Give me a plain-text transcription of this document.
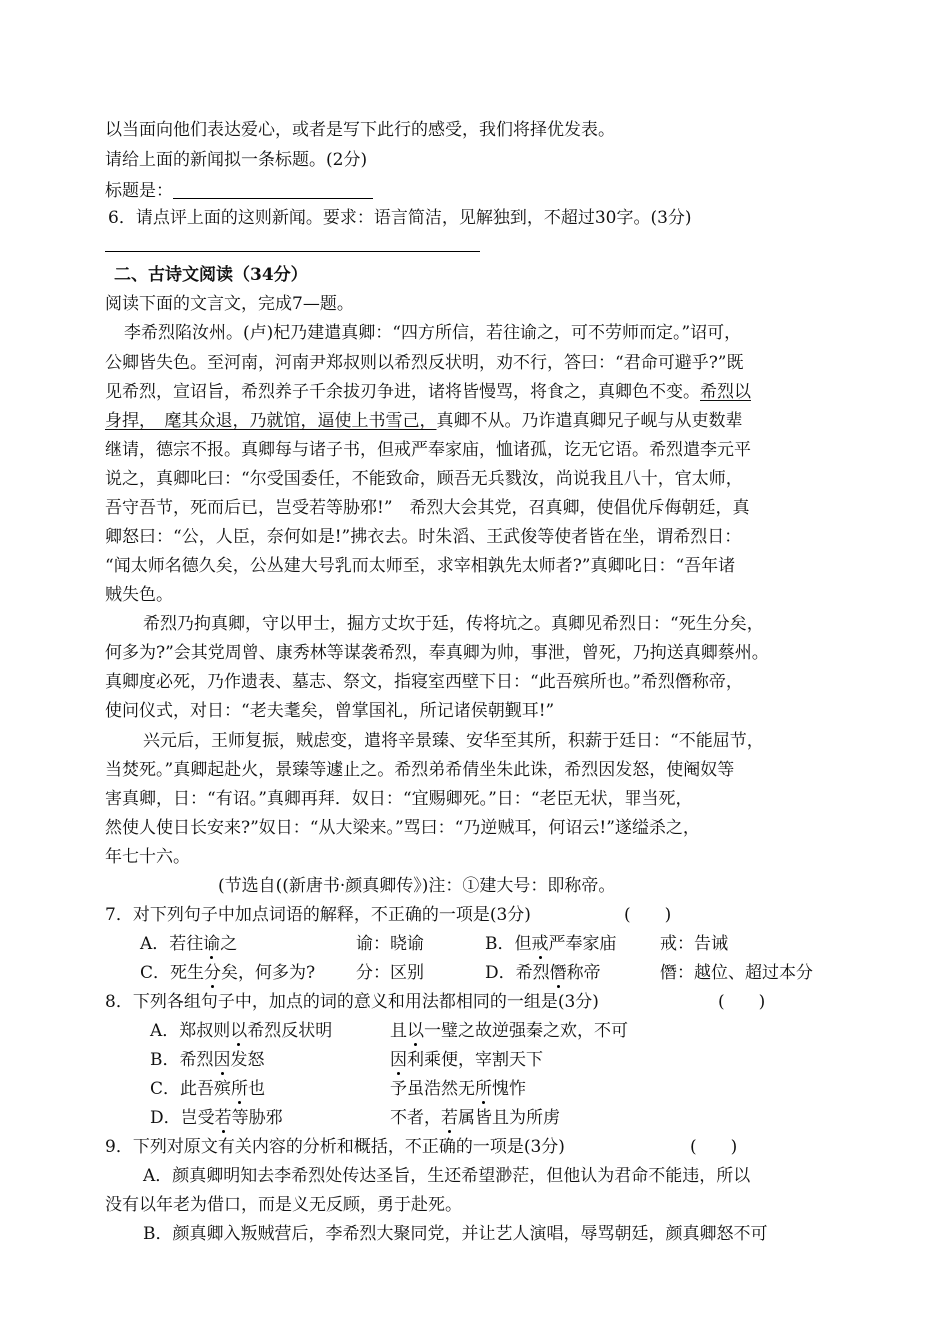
以当面向他们表达爱心，或者是写下此行的感受，我们将择优发表。
请给上面的新闻拟一条标题。(2分)
标题是：
6．请点评上面的这则新闻。要求：语言简洁，见解独到，不超过30字。(3分)
二、古诗文阅读（34分）
阅读下面的文言文，完成7—题。
李希烈陷汝州。(卢)杞乃建遣真卿：“四方所信，若往谕之，可不劳师而定。”诏可，
公卿皆失色。至河南，河南尹郑叔则以希烈反状明，劝不行，答曰：“君命可避乎?”既
见希烈，宣诏旨，希烈养子千余拔刃争进，诸将皆慢骂，将食之，真卿色不变。希烈以
身捍，　麾其众退，乃就馆，逼使上书雪己，真卿不从。乃诈遣真卿兄子岘与从吏数辈
继请，德宗不报。真卿每与诸子书，但戒严奉家庙，恤诸孤，讫无它语。希烈遣李元平
说之，真卿叱曰：“尔受国委任，不能致命，顾吾无兵戮汝，尚说我且八十，官太师，
吾守吾节，死而后已，岂受若等胁邪!”　希烈大会其党，召真卿，使倡优斥侮朝廷，真
卿怒曰：“公，人臣，奈何如是!”拂衣去。时朱滔、王武俊等使者皆在坐，谓希烈日：
“闻太师名德久矣，公丛建大号乳而太师至，求宰相孰先太师者?”真卿叱日：“吾年诸
贼失色。
希烈乃拘真卿，守以甲士，掘方丈坎于廷，传将坑之。真卿见希烈日：“死生分矣，
何多为?”会其党周曾、康秀林等谋袭希烈，奉真卿为帅，事泄，曾死，乃拘送真卿蔡州。
真卿度必死，乃作遗表、墓志、祭文，指寝室西壁下日：“此吾殡所也。”希烈僭称帝，
使问仪式，对日：“老夫耄矣，曾掌国礼，所记诸侯朝觐耳!”
兴元后，王师复振，贼虑变，遣将辛景臻、安华至其所，积薪于廷日：“不能屈节，
当焚死。”真卿起赴火，景臻等遽止之。希烈弟希倩坐朱此诛，希烈因发怒，使阉奴等
害真卿，日：“有诏。”真卿再拜．奴日：“宜赐卿死。”日：“老臣无状，罪当死，
然使人使日长安来?”奴日：“从大梁来。”骂曰：“乃逆贼耳，何诏云!”遂缢杀之，
年七十六。
(节选自((新唐书·颜真卿传》)注：①建大号：即称帝。
7．对下列句子中加点词语的解释，不正确的一项是(3分)	(　　)
A．若往谕之	谕：晓谕	B．但戒严奉家庙	戒：告诫
C．死生分矣，何多为? 分：区别	D．希烈僭称帝	僭：越位、超过本分
8．下列各组句子中，加点的词的意义和用法都相同的一组是(3分)	(　　)
A．郑叔则以希烈反状明	且以一璧之故逆强秦之欢，不可
B．希烈因发怒	因利乘便，宰割天下
C．此吾殡所也	予虽浩然无所愧怍
D．岂受若等胁邪	不者，若属皆且为所虏
9．下列对原文有关内容的分析和概括，不正确的一项是(3分)	(　　)
A．颜真卿明知去李希烈处传达圣旨，生还希望渺茫，但他认为君命不能违，所以
没有以年老为借口，而是义无反顾，勇于赴死。
B．颜真卿入叛贼营后，李希烈大聚同党，并让艺人演唱，辱骂朝廷，颜真卿怒不可
